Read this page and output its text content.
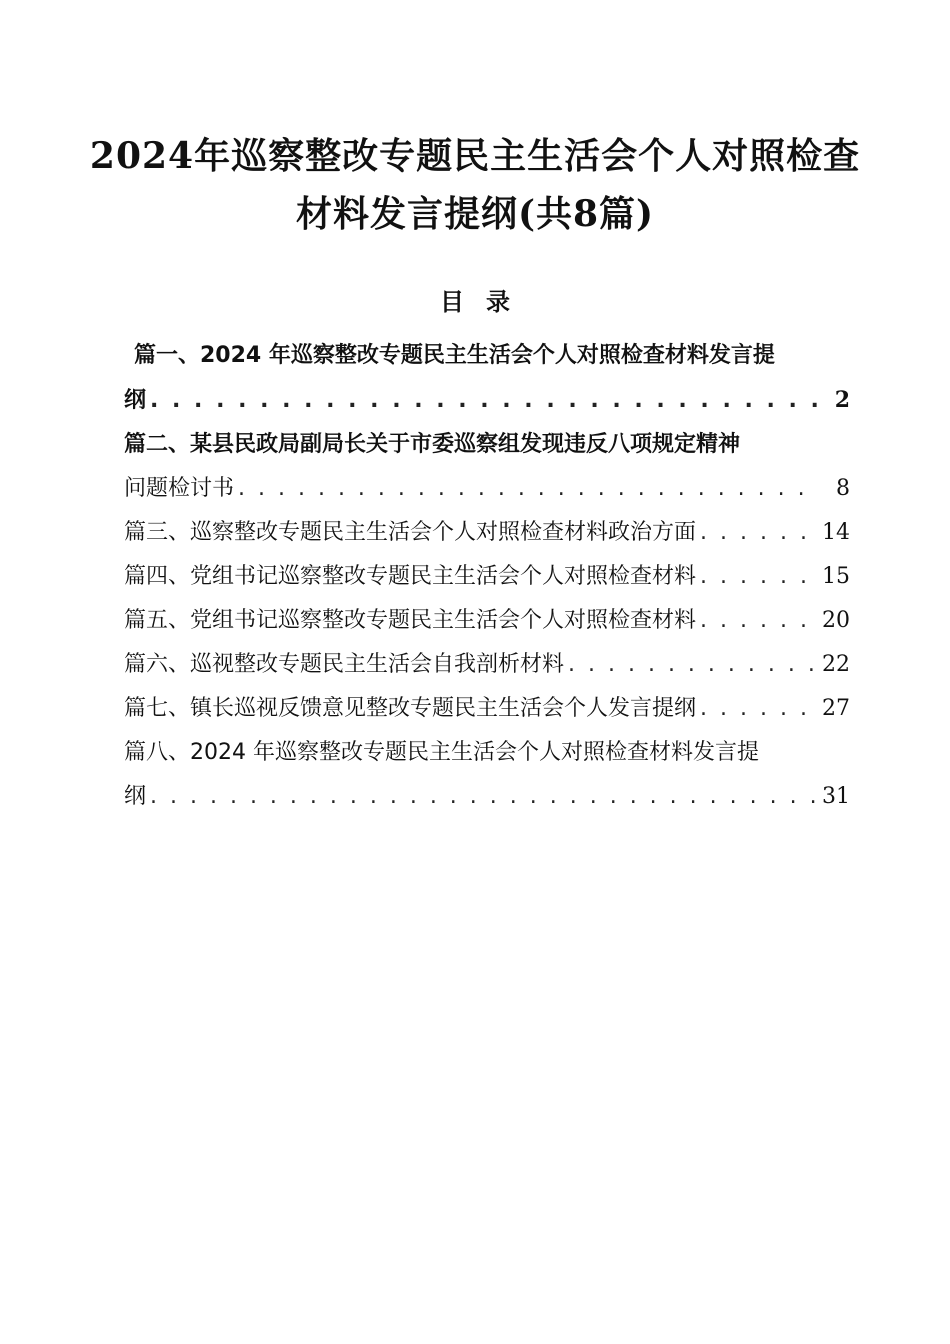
2024年巡察整改专题民主生活会个人对照检查
材料发言提纲(共8篇)
目录
篇一、2024 年巡察整改专题民主生活会个人对照检查材料发言提
纲 . . .	2
篇二、某县民政局副局长关于市委巡察组发现违反八项规定精神
问题检讨书 . . .	8
篇三、巡察整改专题民主生活会个人对照检查材料政治方面 . . .	14
篇四、党组书记巡察整改专题民主生活会个人对照检查材料 . . .	15
篇五、党组书记巡察整改专题民主生活会个人对照检查材料 . . .	20
篇六、巡视整改专题民主生活会自我剖析材料 . . .	22
篇七、镇长巡视反馈意见整改专题民主生活会个人发言提纲 . . .	27
篇八、2024 年巡察整改专题民主生活会个人对照检查材料发言提
纲 . . .	31
